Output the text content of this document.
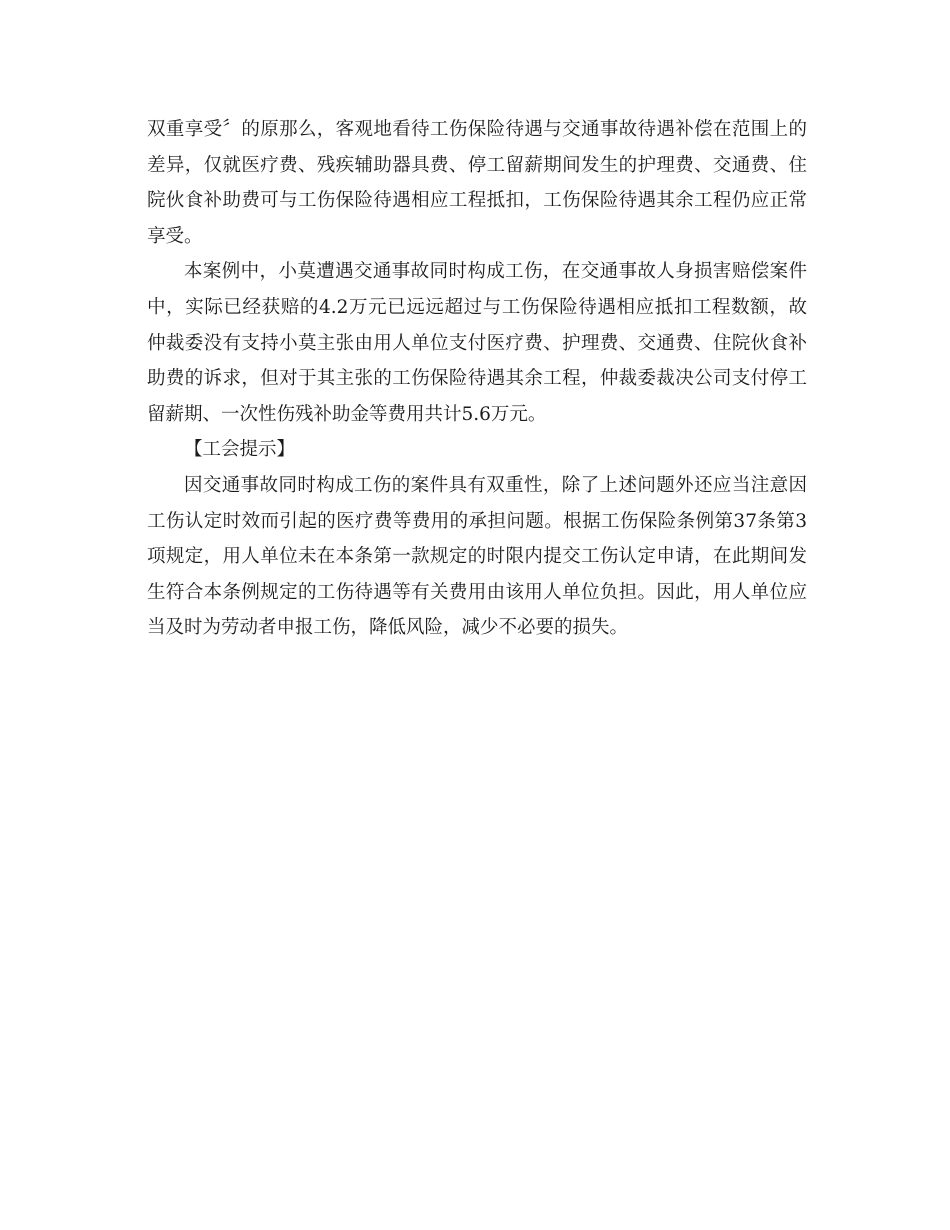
双重享受〞的原那么，客观地看待工伤保险待遇与交通事故待遇补偿在范围上的
差异，仅就医疗费、残疾辅助器具费、停工留薪期间发生的护理费、交通费、住
院伙食补助费可与工伤保险待遇相应工程抵扣，工伤保险待遇其余工程仍应正常
享受。
本案例中，小莫遭遇交通事故同时构成工伤，在交通事故人身损害赔偿案件
中，实际已经获赔的4.2万元已远远超过与工伤保险待遇相应抵扣工程数额，故
仲裁委没有支持小莫主张由用人单位支付医疗费、护理费、交通费、住院伙食补
助费的诉求，但对于其主张的工伤保险待遇其余工程，仲裁委裁决公司支付停工
留薪期、一次性伤残补助金等费用共计5.6万元。
【工会提示】
因交通事故同时构成工伤的案件具有双重性，除了上述问题外还应当注意因
工伤认定时效而引起的医疗费等费用的承担问题。根据工伤保险条例第37条第3
项规定，用人单位未在本条第一款规定的时限内提交工伤认定申请，在此期间发
生符合本条例规定的工伤待遇等有关费用由该用人单位负担。因此，用人单位应
当及时为劳动者申报工伤，降低风险，减少不必要的损失。
